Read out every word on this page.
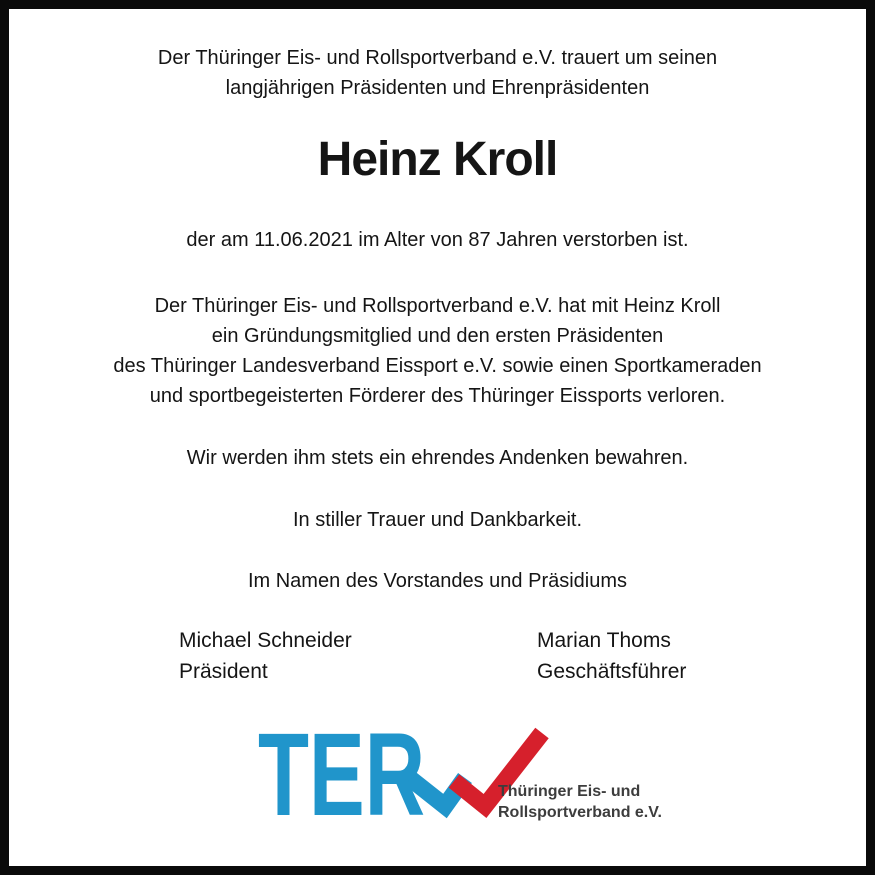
Der Thüringer Eis- und Rollsportverband e.V. trauert um seinen
langjährigen Präsidenten und Ehrenpräsidenten
Heinz Kroll
der am 11.06.2021 im Alter von 87 Jahren verstorben ist.
Der Thüringer Eis- und Rollsportverband e.V. hat mit Heinz Kroll
ein Gründungsmitglied und den ersten Präsidenten
des Thüringer Landesverband Eissport e.V. sowie einen Sportkameraden
und sportbegeisterten Förderer des Thüringer Eissports verloren.
Wir werden ihm stets ein ehrendes Andenken bewahren.
In stiller Trauer und Dankbarkeit.
Im Namen des Vorstandes und Präsidiums
Michael Schneider
Präsident
Marian Thoms
Geschäftsführer
TER	Thüringer Eis- und
Rollsportverband e.V.
